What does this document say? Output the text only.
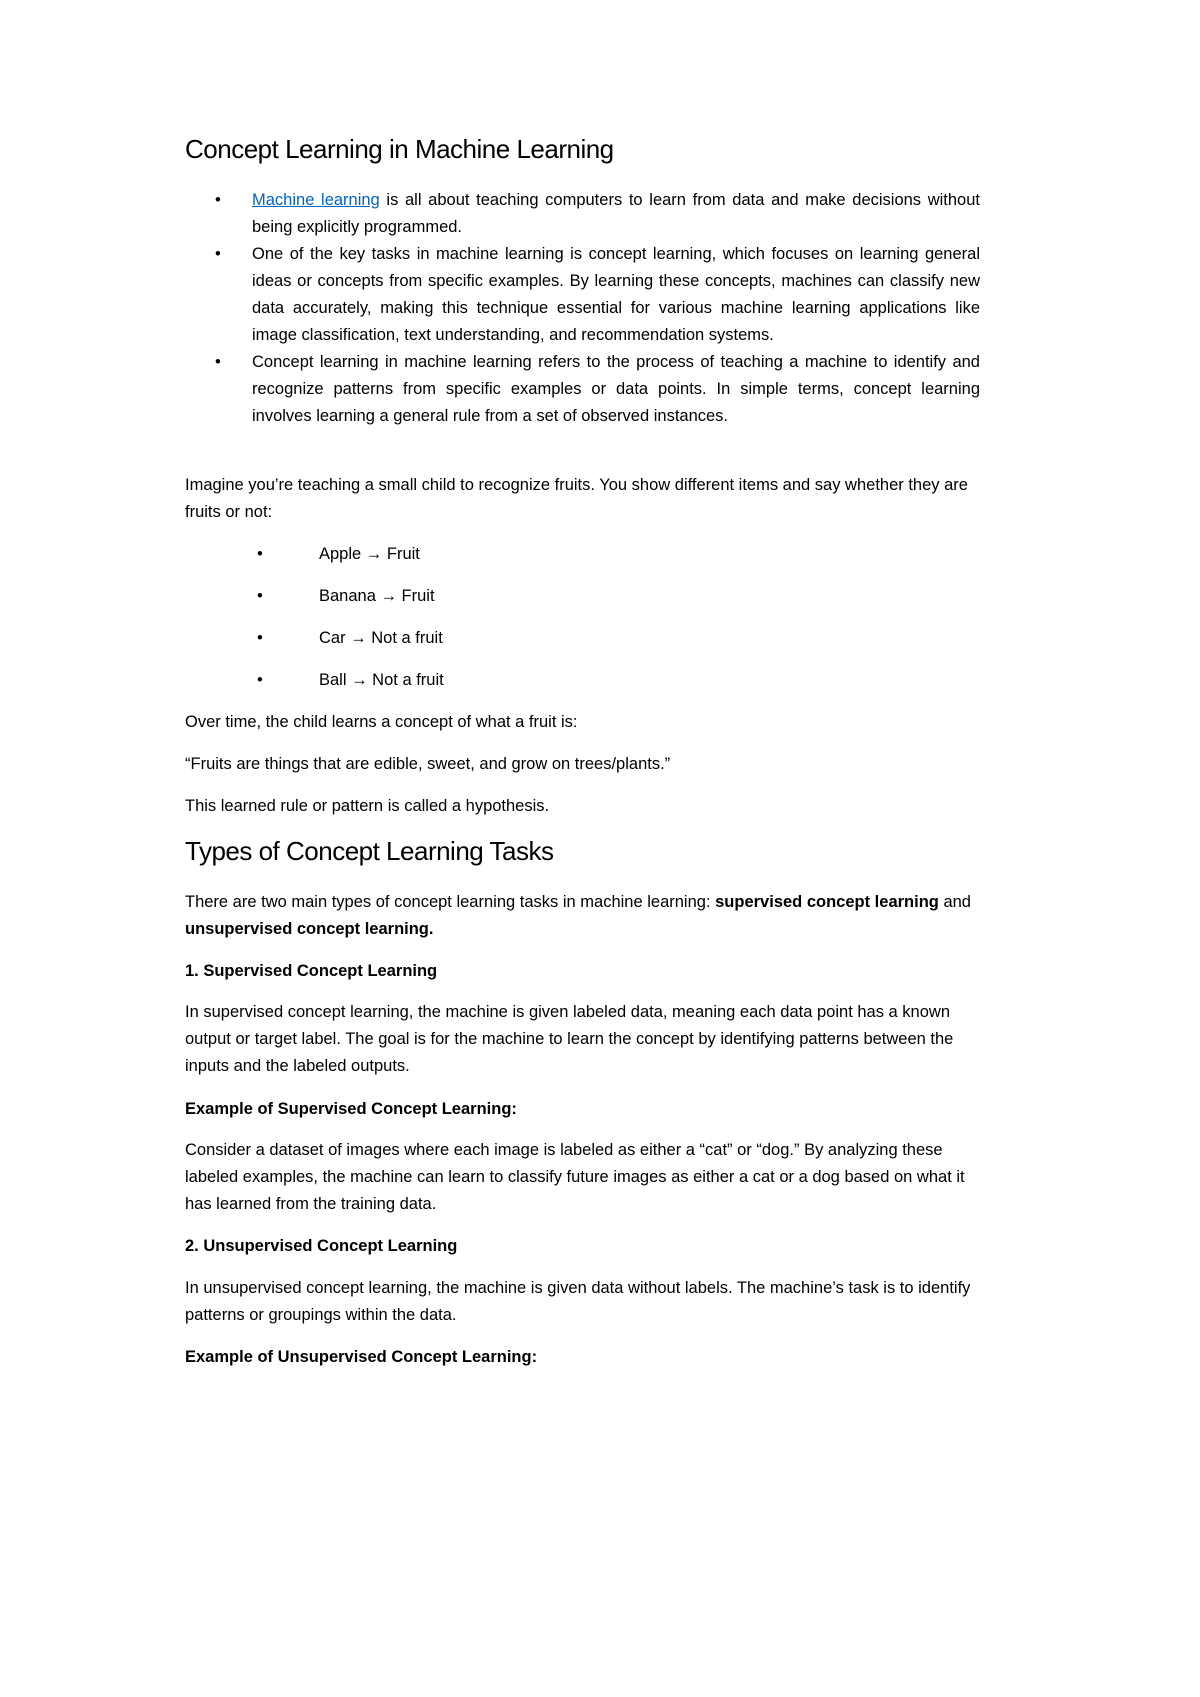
Concept Learning in Machine Learning
• Machine learning is all about teaching computers to learn from data and make decisions without being explicitly programmed.
• One of the key tasks in machine learning is concept learning, which focuses on learning general ideas or concepts from specific examples. By learning these concepts, machines can classify new data accurately, making this technique essential for various machine learning applications like image classification, text understanding, and recommendation systems.
• Concept learning in machine learning refers to the process of teaching a machine to identify and recognize patterns from specific examples or data points. In simple terms, concept learning involves learning a general rule from a set of observed instances.
Imagine you’re teaching a small child to recognize fruits. You show different items and say whether they are fruits or not:
•	Apple → Fruit
•	Banana → Fruit
•	Car → Not a fruit
•	Ball → Not a fruit
Over time, the child learns a concept of what a fruit is:
“Fruits are things that are edible, sweet, and grow on trees/plants.”
This learned rule or pattern is called a hypothesis.
Types of Concept Learning Tasks
There are two main types of concept learning tasks in machine learning: supervised concept learning and unsupervised concept learning.
1. Supervised Concept Learning
In supervised concept learning, the machine is given labeled data, meaning each data point has a known output or target label. The goal is for the machine to learn the concept by identifying patterns between the inputs and the labeled outputs.
Example of Supervised Concept Learning:
Consider a dataset of images where each image is labeled as either a “cat” or “dog.” By analyzing these labeled examples, the machine can learn to classify future images as either a cat or a dog based on what it has learned from the training data.
2. Unsupervised Concept Learning
In unsupervised concept learning, the machine is given data without labels. The machine’s task is to identify patterns or groupings within the data.
Example of Unsupervised Concept Learning:
